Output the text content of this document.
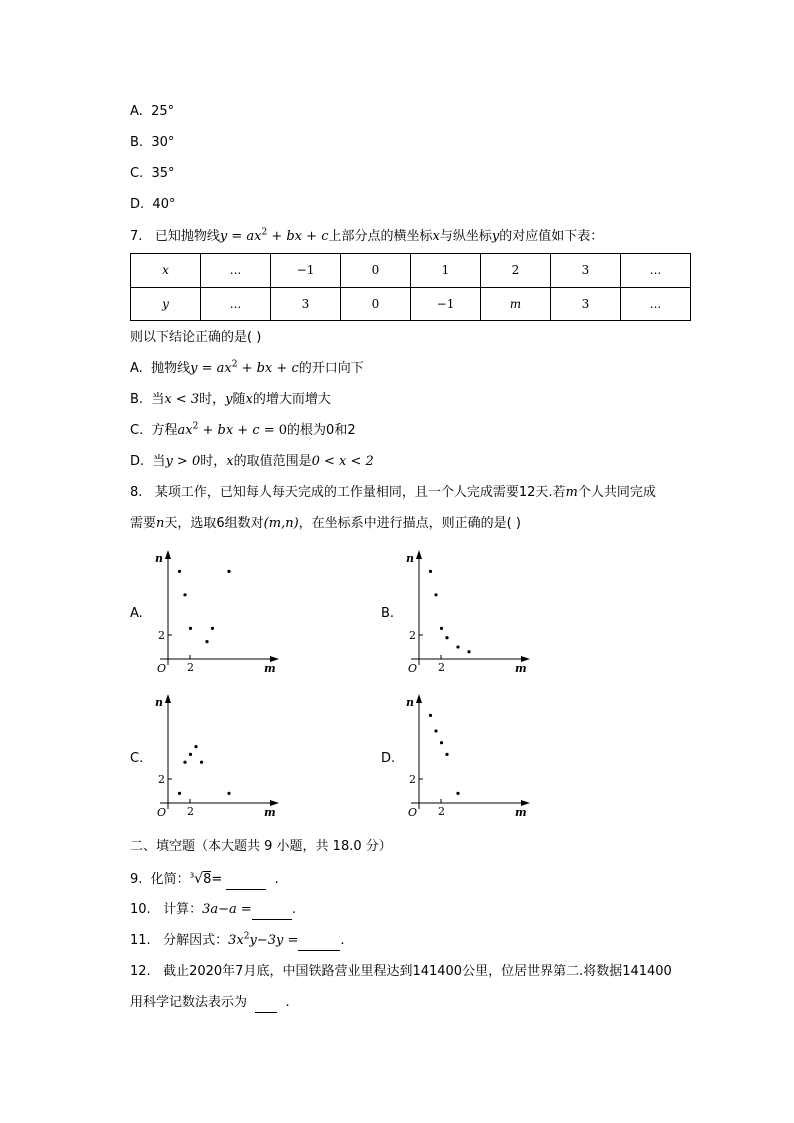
A. 25°
B. 30°
C. 35°
D. 40°
7. 已知抛物线$y = ax^2$ + bx + c上部分点的横坐标x与纵坐标y的对应值如下表：
x	...	−1	0	1	2	3	...
y	...	3	0	−1	m	3	...
则以下结论正确的是( )
A. 抛物线$y = ax^2$ + bx + c的开口向下
B. 当x < 3时，y随x的增大而增大
C. 方程$ax^2$ + bx + c = 0的根为0和2
D. 当y > 0时，x的取值范围是0 < x < 2
8. 某项工作，已知每人每天完成的工作量相同，且一个人完成需要12天.若m个人共同完成
需要n天，选取6组数对(m,n)，在坐标系中进行描点，则正确的是( )
A.	B.
C.	D.
O 2
2
m
n
O 2
2
m
n
O 2
2
m
n
O 2
2
m
n
二、填空题（本大题共 9 小题，共 18.0 分）
9. 化简：$^3$√8=	.
10. 计算：3a−a =	.
11. 分解因式：$3x^2y-3y$ =	.
12. 截止2020年7月底，中国铁路营业里程达到141400公里，位居世界第二.将数据141400
用科学记数法表示为	.
